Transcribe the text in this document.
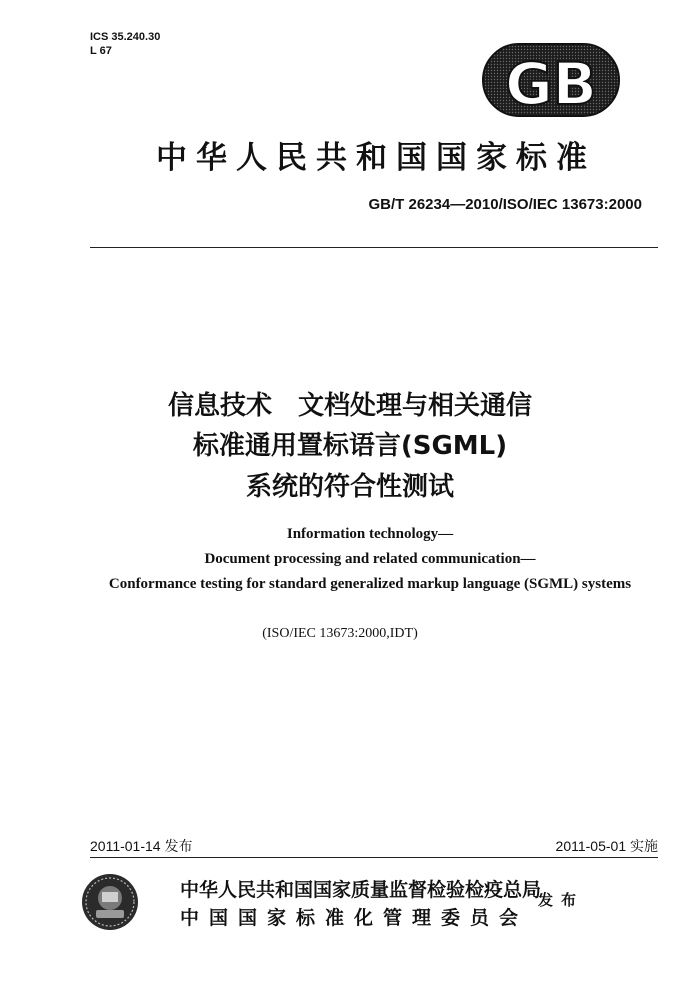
ICS 35.240.30
L 67	GB
中华人民共和国国家标准
GB/T 26234—2010/ISO/IEC 13673:2000
信息技术　文档处理与相关通信
标准通用置标语言(SGML)
系统的符合性测试
Information technology—
Document processing and related communication—
Conformance testing for standard generalized markup language (SGML) systems
(ISO/IEC 13673:2000,IDT)
2011-01-14 发布	2011-05-01 实施
中华人民共和国国家质量监督检验检疫总局
中国国家标准化管理委员会
发布
